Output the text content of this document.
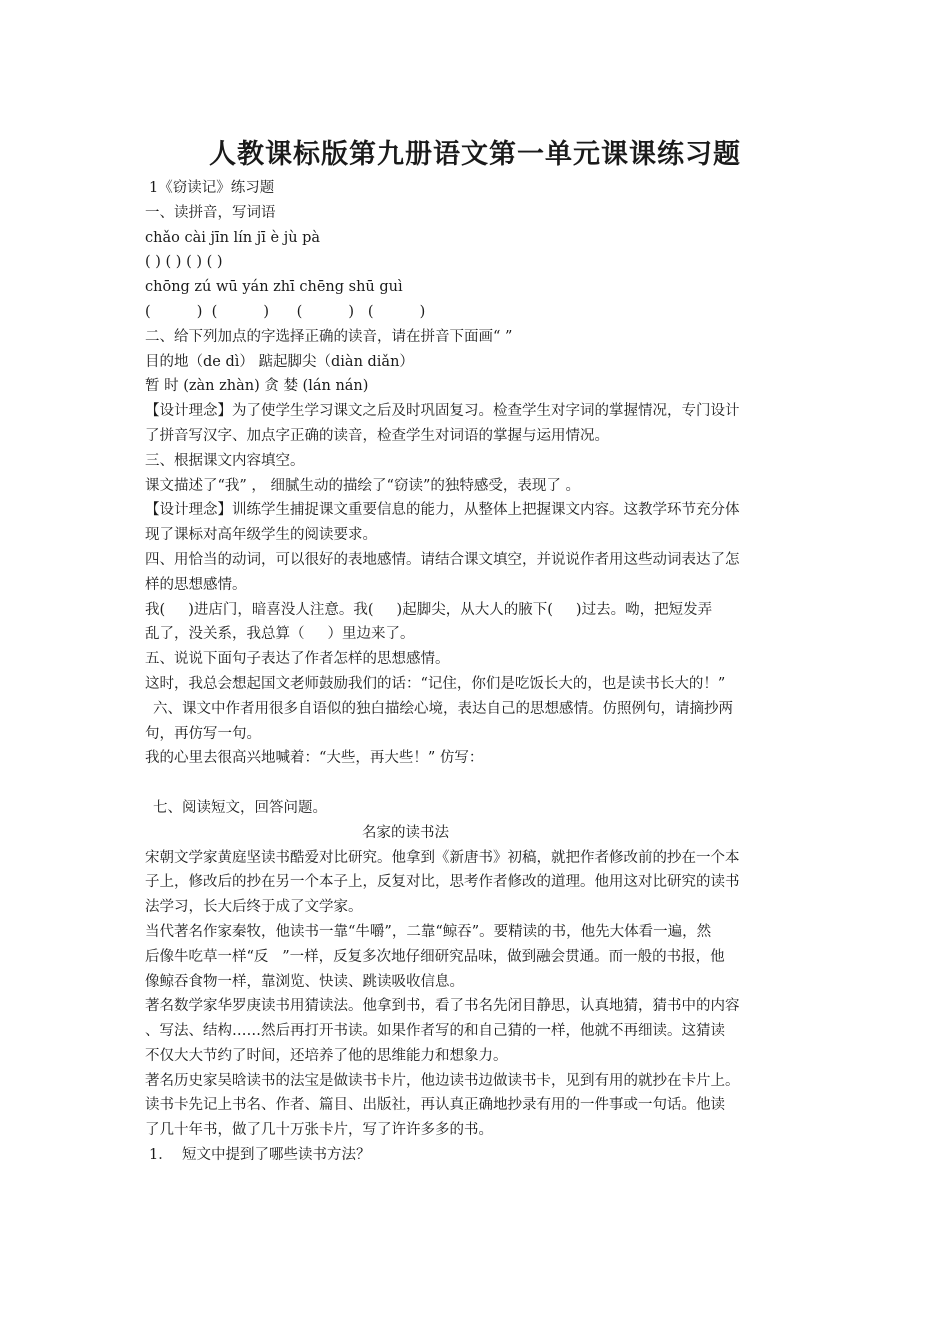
人教课标版第九册语文第一单元课课练习题
1《窃读记》练习题
一、读拼音，写词语
chǎo cài jīn lín jī è jù pà
( ) ( ) ( ) ( )
chōng zú wū yán zhī chēng shū guì
(          )  (          )      (          )   (          )
二、给下列加点的字选择正确的读音，请在拼音下面画“ ”
目的地（de dì） 踮起脚尖（diàn diǎn）
暂 时 (zàn zhàn) 贪 婪 (lán nán)
【设计理念】为了使学生学习课文之后及时巩固复习。检查学生对字词的掌握情况，专门设计
了拼音写汉字、加点字正确的读音，检查学生对词语的掌握与运用情况。
三、根据课文内容填空。
课文描述了“我” ， 细腻生动的描绘了“窃读”的独特感受，表现了 。
【设计理念】训练学生捕捉课文重要信息的能力，从整体上把握课文内容。这教学环节充分体
现了课标对高年级学生的阅读要求。
四、用恰当的动词，可以很好的表地感情。请结合课文填空，并说说作者用这些动词表达了怎
样的思想感情。
我(     )进店门，暗喜没人注意。我(     )起脚尖，从大人的腋下(     )过去。呦，把短发弄
乱了，没关系，我总算（     ）里边来了。
五、说说下面句子表达了作者怎样的思想感情。
这时，我总会想起国文老师鼓励我们的话：“记住，你们是吃饭长大的，也是读书长大的！”
六、课文中作者用很多自语似的独白描绘心境，表达自己的思想感情。仿照例句，请摘抄两
句，再仿写一句。
我的心里去很高兴地喊着：“大些，再大些！” 仿写：
七、阅读短文，回答问题。
名家的读书法
宋朝文学家黄庭坚读书酷爱对比研究。他拿到《新唐书》初稿，就把作者修改前的抄在一个本
子上，修改后的抄在另一个本子上，反复对比，思考作者修改的道理。他用这对比研究的读书
法学习，长大后终于成了文学家。
当代著名作家秦牧，他读书一靠“牛嚼”，二靠“鲸吞”。要精读的书，他先大体看一遍，然
后像牛吃草一样“反   ”一样，反复多次地仔细研究品味，做到融会贯通。而一般的书报，他
像鲸吞食物一样，靠浏览、快读、跳读吸收信息。
著名数学家华罗庚读书用猜读法。他拿到书，看了书名先闭目静思，认真地猜，猜书中的内容
、写法、结构……然后再打开书读。如果作者写的和自己猜的一样，他就不再细读。这猜读
不仅大大节约了时间，还培养了他的思维能力和想象力。
著名历史家吴晗读书的法宝是做读书卡片，他边读书边做读书卡，见到有用的就抄在卡片上。
读书卡先记上书名、作者、篇目、出版社，再认真正确地抄录有用的一件事或一句话。他读
了几十年书，做了几十万张卡片，写了许许多多的书。
1．  短文中提到了哪些读书方法？
